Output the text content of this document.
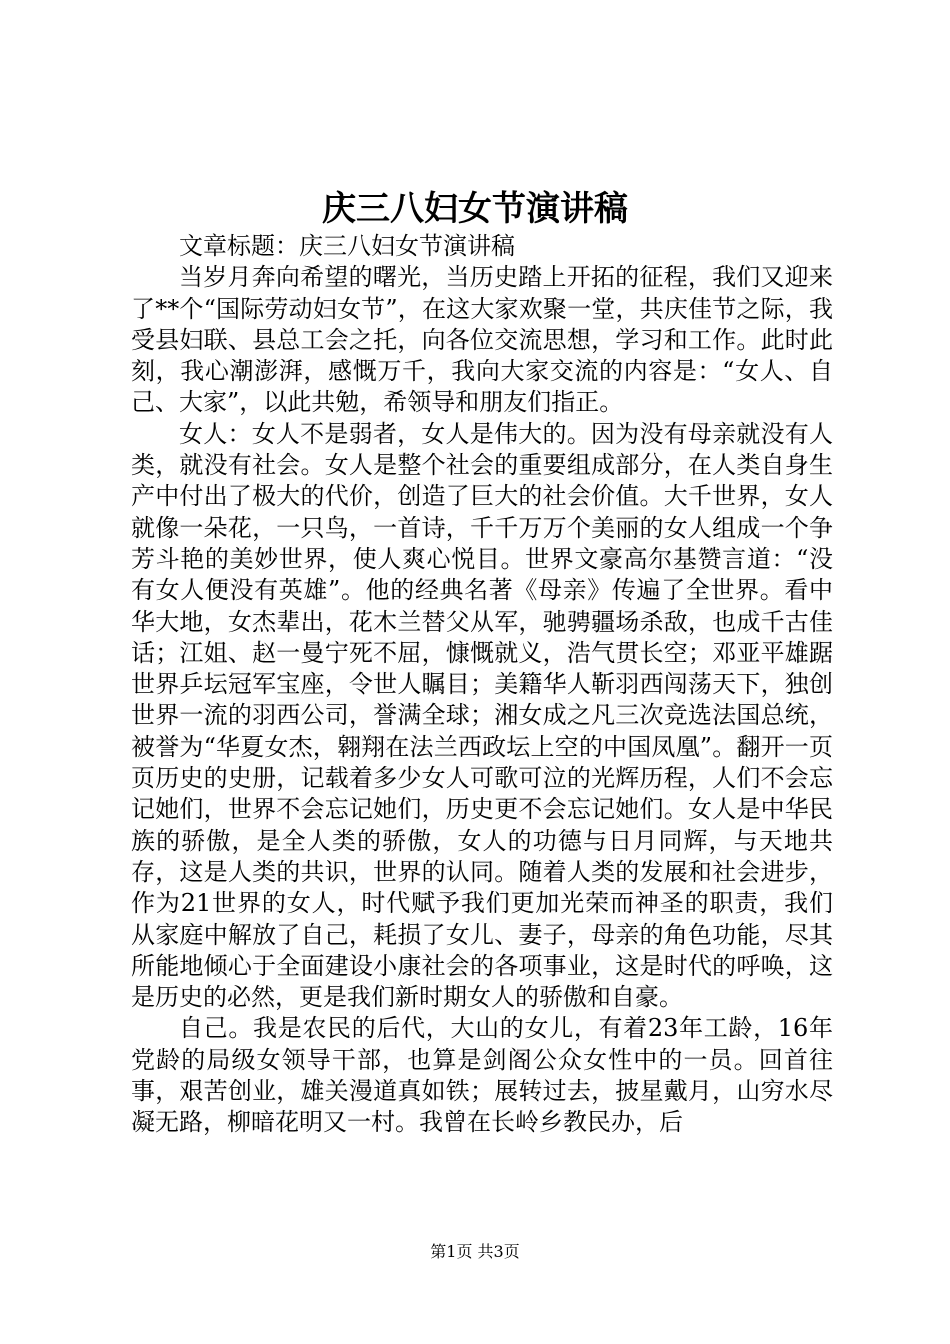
庆三八妇女节演讲稿

文章标题：庆三八妇女节演讲稿

当岁月奔向希望的曙光，当历史踏上开拓的征程，我们又迎来了**个“国际劳动妇女节”，在这大家欢聚一堂，共庆佳节之际，我受县妇联、县总工会之托，向各位交流思想，学习和工作。此时此刻，我心潮澎湃，感慨万千，我向大家交流的内容是：“女人、自己、大家”，以此共勉，希领导和朋友们指正。

女人：女人不是弱者，女人是伟大的。因为没有母亲就没有人类，就没有社会。女人是整个社会的重要组成部分，在人类自身生产中付出了极大的代价，创造了巨大的社会价值。大千世界，女人就像一朵花，一只鸟，一首诗，千千万万个美丽的女人组成一个争芳斗艳的美妙世界，使人爽心悦目。世界文豪高尔基赞言道：“没有女人便没有英雄”。他的经典名著《母亲》传遍了全世界。看中华大地，女杰辈出，花木兰替父从军，驰骋疆场杀敌，也成千古佳话；江姐、赵一曼宁死不屈，慷慨就义，浩气贯长空；邓亚平雄踞世界乒坛冠军宝座，令世人瞩目；美籍华人靳羽西闯荡天下，独创世界一流的羽西公司，誉满全球；湘女成之凡三次竞选法国总统，被誉为“华夏女杰，翱翔在法兰西政坛上空的中国凤凰”。翻开一页页历史的史册，记载着多少女人可歌可泣的光辉历程，人们不会忘记她们，世界不会忘记她们，历史更不会忘记她们。女人是中华民族的骄傲，是全人类的骄傲，女人的功德与日月同辉，与天地共存，这是人类的共识，世界的认同。随着人类的发展和社会进步，作为21世界的女人，时代赋予我们更加光荣而神圣的职责，我们从家庭中解放了自己，耗损了女儿、妻子，母亲的角色功能，尽其所能地倾心于全面建设小康社会的各项事业，这是时代的呼唤，这是历史的必然，更是我们新时期女人的骄傲和自豪。

自己。我是农民的后代，大山的女儿，有着23年工龄，16年党龄的局级女领导干部，也算是剑阁公众女性中的一员。回首往事，艰苦创业，雄关漫道真如铁；展转过去，披星戴月，山穷水尽凝无路，柳暗花明又一村。我曾在长岭乡教民办，后

第1页 共3页
